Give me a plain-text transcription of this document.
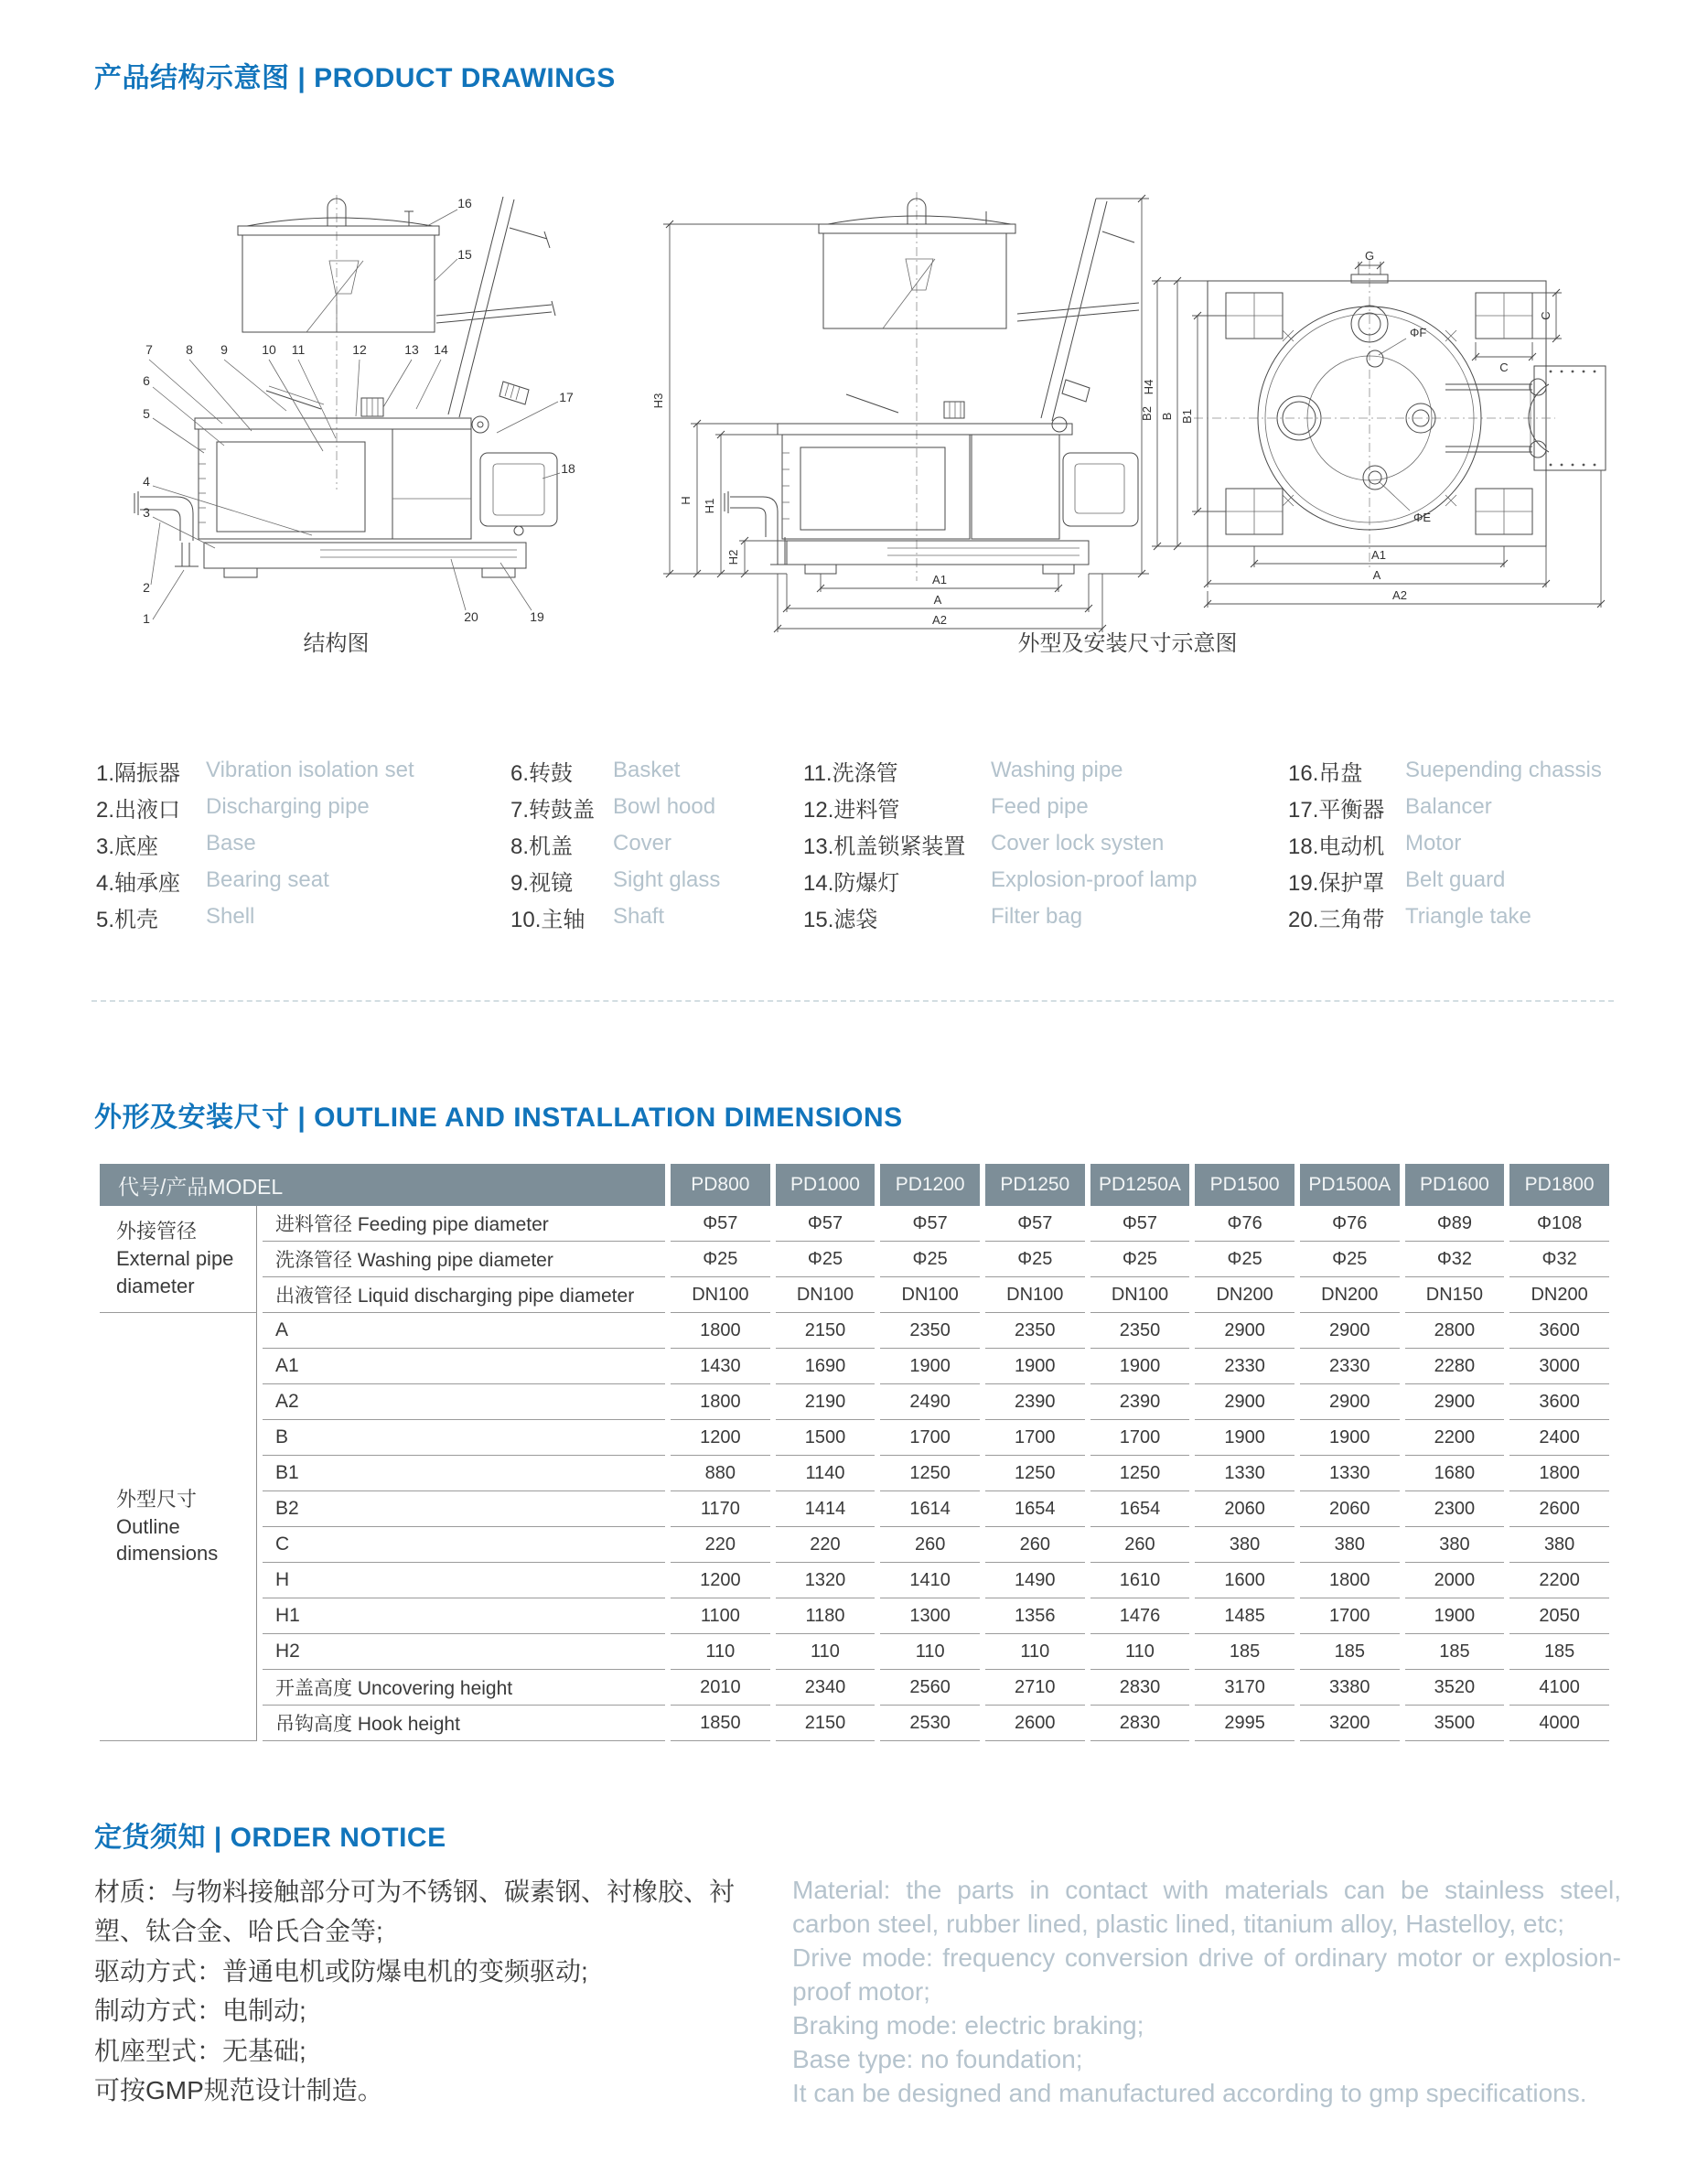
产品结构示意图 | PRODUCT DRAWINGS
7	8 9	10 11	12	13 14
6
5
4
3
2
1
16
15
17
18
19
20
H3
H H1
H2
H4
A1
A
A2
B2 B B1
A1
A
A2
C
C
G
ΦF
ΦE
结构图	外型及安装尺寸示意图
1.隔振器	Vibration isolation set
2.出液口	Discharging pipe
3.底座	Base
4.轴承座	Bearing seat
5.机壳	Shell
6.转鼓	Basket
7.转鼓盖 Bowl hood
8.机盖	Cover
9.视镜	Sight glass
10.主轴	Shaft
11.洗涤管	Washing pipe
12.进料管	Feed pipe
13.机盖锁紧装置	Cover lock systen
14.防爆灯	Explosion-proof lamp
15.滤袋	Filter bag
16.吊盘	Suepending chassis
17.平衡器 Balancer
18.电动机 Motor
19.保护罩 Belt guard
20.三角带 Triangle take
外形及安装尺寸 | OUTLINE AND INSTALLATION DIMENSIONS
代号/产品MODEL		PD800	PD1000	PD1200	PD1250	PD1250A	PD1500	PD1500A	PD1600	PD1800

外接管径
External pipe diameter	进料管径 Feeding pipe diameter	Φ57	Φ57	Φ57	Φ57	Φ57	Φ76	Φ76	Φ89	Φ108
	洗涤管径 Washing pipe diameter	Φ25	Φ25	Φ25	Φ25	Φ25	Φ25	Φ25	Φ32	Φ32
	出液管径 Liquid discharging pipe diameter	DN100	DN100	DN100	DN100	DN100	DN200	DN200	DN150	DN200

外型尺寸
Outline dimensions	A	1800	2150	2350	2350	2350	2900	2900	2800	3600
	A1	1430	1690	1900	1900	1900	2330	2330	2280	3000
	A2	1800	2190	2490	2390	2390	2900	2900	2900	3600
	B	1200	1500	1700	1700	1700	1900	1900	2200	2400
	B1	880	1140	1250	1250	1250	1330	1330	1680	1800
	B2	1170	1414	1614	1654	1654	2060	2060	2300	2600
	C	220	220	260	260	260	380	380	380	380
	H	1200	1320	1410	1490	1610	1600	1800	2000	2200
	H1	1100	1180	1300	1356	1476	1485	1700	1900	2050
	H2	110	110	110	110	110	185	185	185	185
	开盖高度 Uncovering height	2010	2340	2560	2710	2830	3170	3380	3520	4100
	吊钩高度 Hook height	1850	2150	2530	2600	2830	2995	3200	3500	4000
定货须知 | ORDER NOTICE

材质：与物料接触部分可为不锈钢、碳素钢、衬橡胶、衬塑、钛合金、哈氏合金等;

驱动方式：普通电机或防爆电机的变频驱动;

制动方式：电制动;

机座型式：无基础;

可按GMP规范设计制造。

Material: the parts in contact with materials can be stainless steel, carbon steel, rubber lined, plastic lined, titanium alloy, Hastelloy, etc;

Drive mode: frequency conversion drive of ordinary motor or explosion-proof motor;

Braking mode: electric braking;

Base type: no foundation;

It can be designed and manufactured according to gmp specifications.
